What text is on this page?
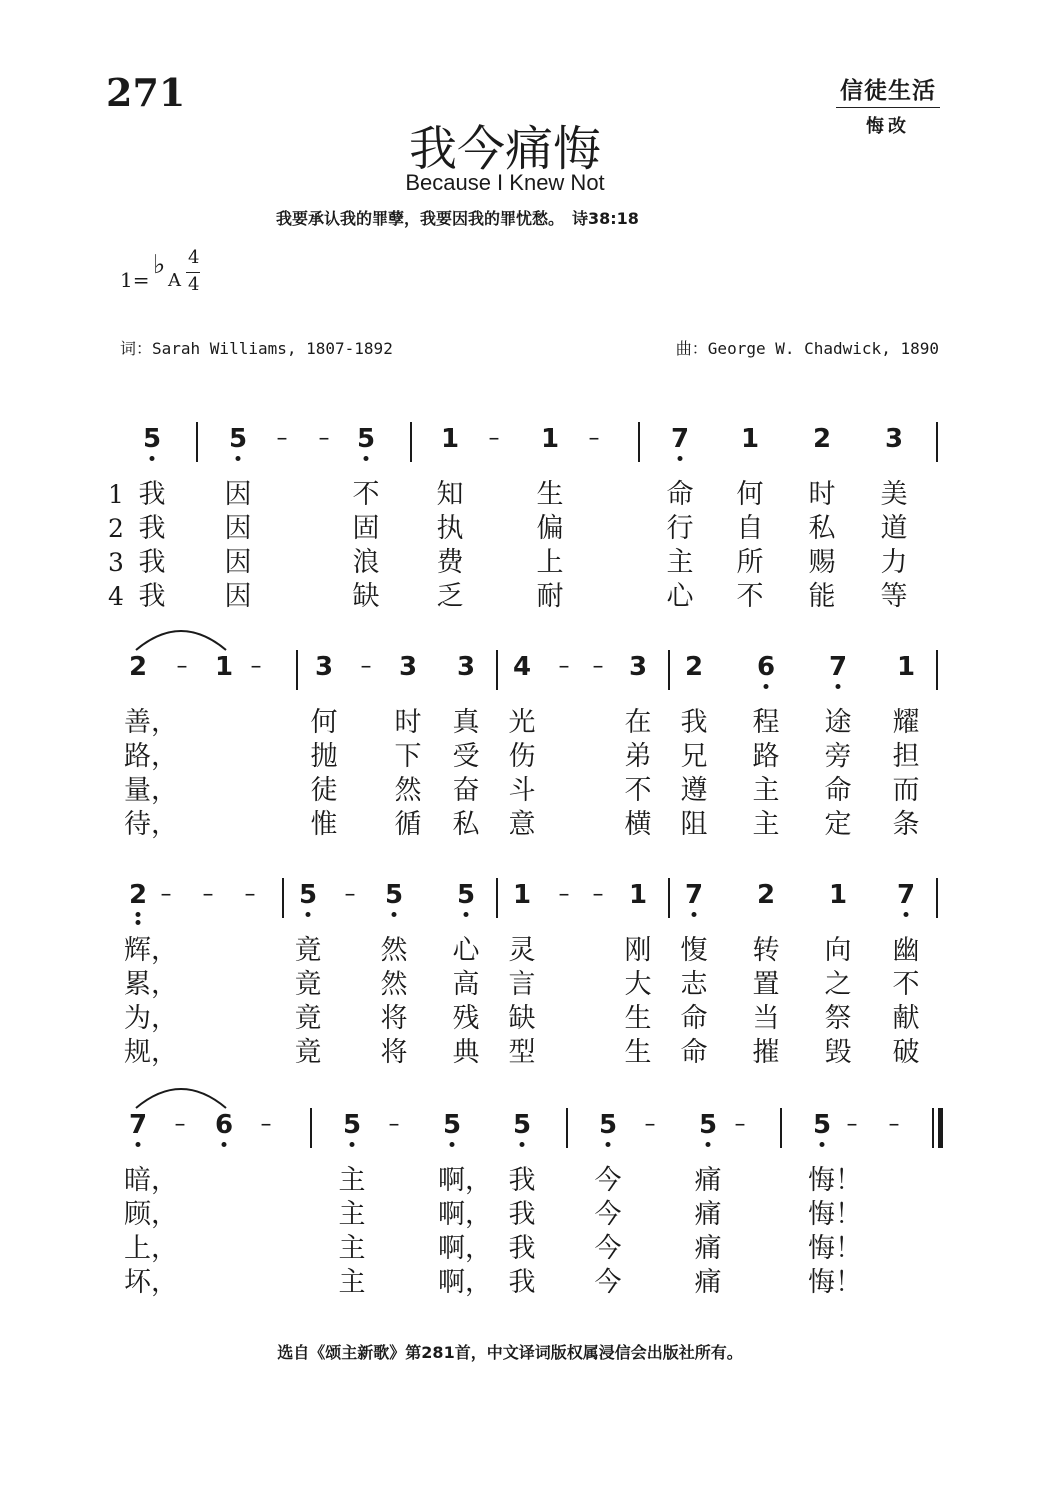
271	信徒生活
悔改
我今痛悔
Because I Knew Not
我要承认我的罪孽，我要因我的罪忧愁。　诗38:18
1= ♭
A
4
4
词：Sarah Williams, 1807-1892	曲：George W. Chadwick, 1890
5	5 – – 5	1 – 1 –	7 1 2 3
1 我 因	不 知	生	命 何 时 美
2 我 因	固 执	偏	行 自 私 道
3 我 因	浪 费	上	主 所 赐 力
4 我 因	缺 乏	耐	心 不 能 等
2 – 1 – 3 – 3 3 4 – – 3 2 6 7 1
善，	何 时 真 光	在 我 程 途 耀
路，	抛 下 受 伤	弟 兄 路 旁 担
量，	徒 然 奋 斗	不 遵 主 命 而
待，	惟 循 私 意	横 阻 主 定 条
2 – – – 5 – 5 5 1 – – 1 7 2 1 7
辉，	竟 然 心 灵	刚 愎 转 向 幽
累，	竟 然 高 言	大 志 置 之 不
为，	竟 将 残 缺	生 命 当 祭 献
规，	竟 将 典 型	生 命 摧 毁 破
7 – 6 –	5 – 5 5	5 – 5 –	5 – –
暗，	主	啊， 我 今	痛	悔！
顾，	主	啊， 我 今	痛	悔！
上，	主	啊， 我 今	痛	悔！
坏，	主	啊， 我 今	痛	悔！
选自《颂主新歌》第281首，中文译词版权属浸信会出版社所有。
